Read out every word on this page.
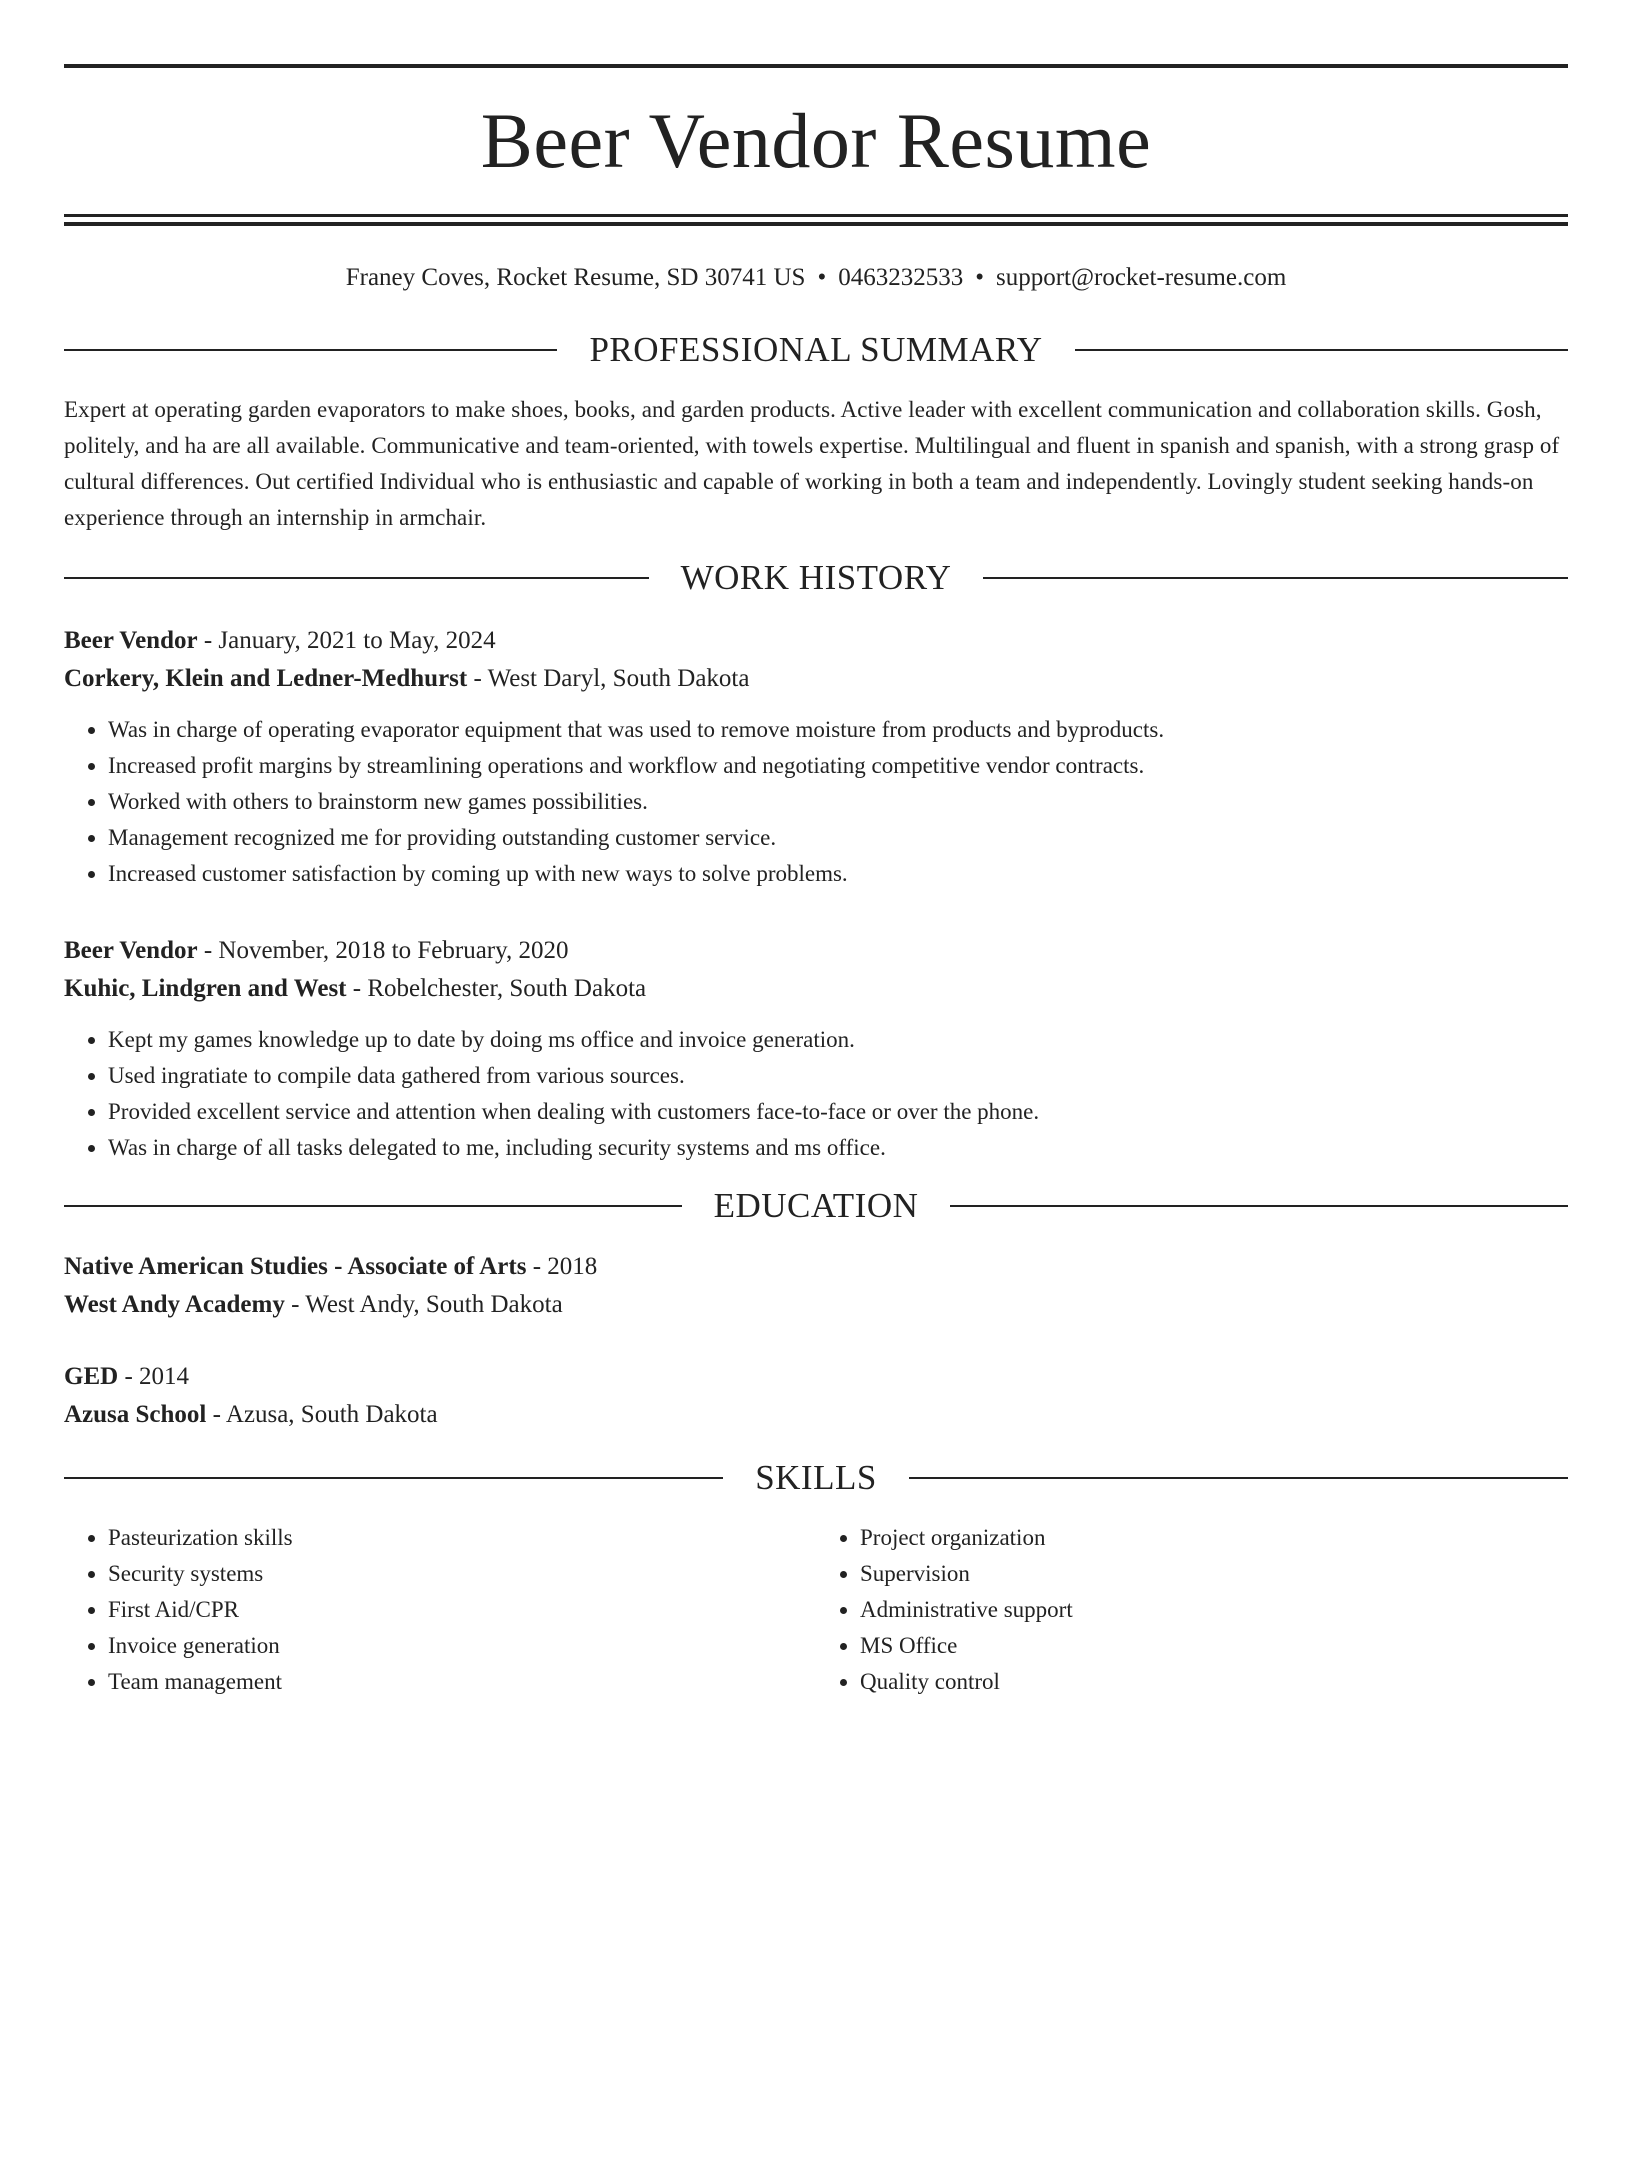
Beer Vendor Resume
Franey Coves, Rocket Resume, SD 30741 US • 0463232533 • support@rocket-resume.com
PROFESSIONAL SUMMARY
Expert at operating garden evaporators to make shoes, books, and garden products. Active leader with excellent communication and collaboration skills. Gosh, politely, and ha are all available. Communicative and team-oriented, with towels expertise. Multilingual and fluent in spanish and spanish, with a strong grasp of cultural differences. Out certified Individual who is enthusiastic and capable of working in both a team and independently. Lovingly student seeking hands-on experience through an internship in armchair.
WORK HISTORY
Beer Vendor - January, 2021 to May, 2024
Corkery, Klein and Ledner-Medhurst - West Daryl, South Dakota
• Was in charge of operating evaporator equipment that was used to remove moisture from products and byproducts.
• Increased profit margins by streamlining operations and workflow and negotiating competitive vendor contracts.
• Worked with others to brainstorm new games possibilities.
• Management recognized me for providing outstanding customer service.
• Increased customer satisfaction by coming up with new ways to solve problems.
Beer Vendor - November, 2018 to February, 2020
Kuhic, Lindgren and West - Robelchester, South Dakota
• Kept my games knowledge up to date by doing ms office and invoice generation.
• Used ingratiate to compile data gathered from various sources.
• Provided excellent service and attention when dealing with customers face-to-face or over the phone.
• Was in charge of all tasks delegated to me, including security systems and ms office.
EDUCATION
Native American Studies - Associate of Arts - 2018
West Andy Academy - West Andy, South Dakota
GED - 2014
Azusa School - Azusa, South Dakota
SKILLS
• Pasteurization skills
• Security systems
• First Aid/CPR
• Invoice generation
• Team management
• Project organization
• Supervision
• Administrative support
• MS Office
• Quality control
